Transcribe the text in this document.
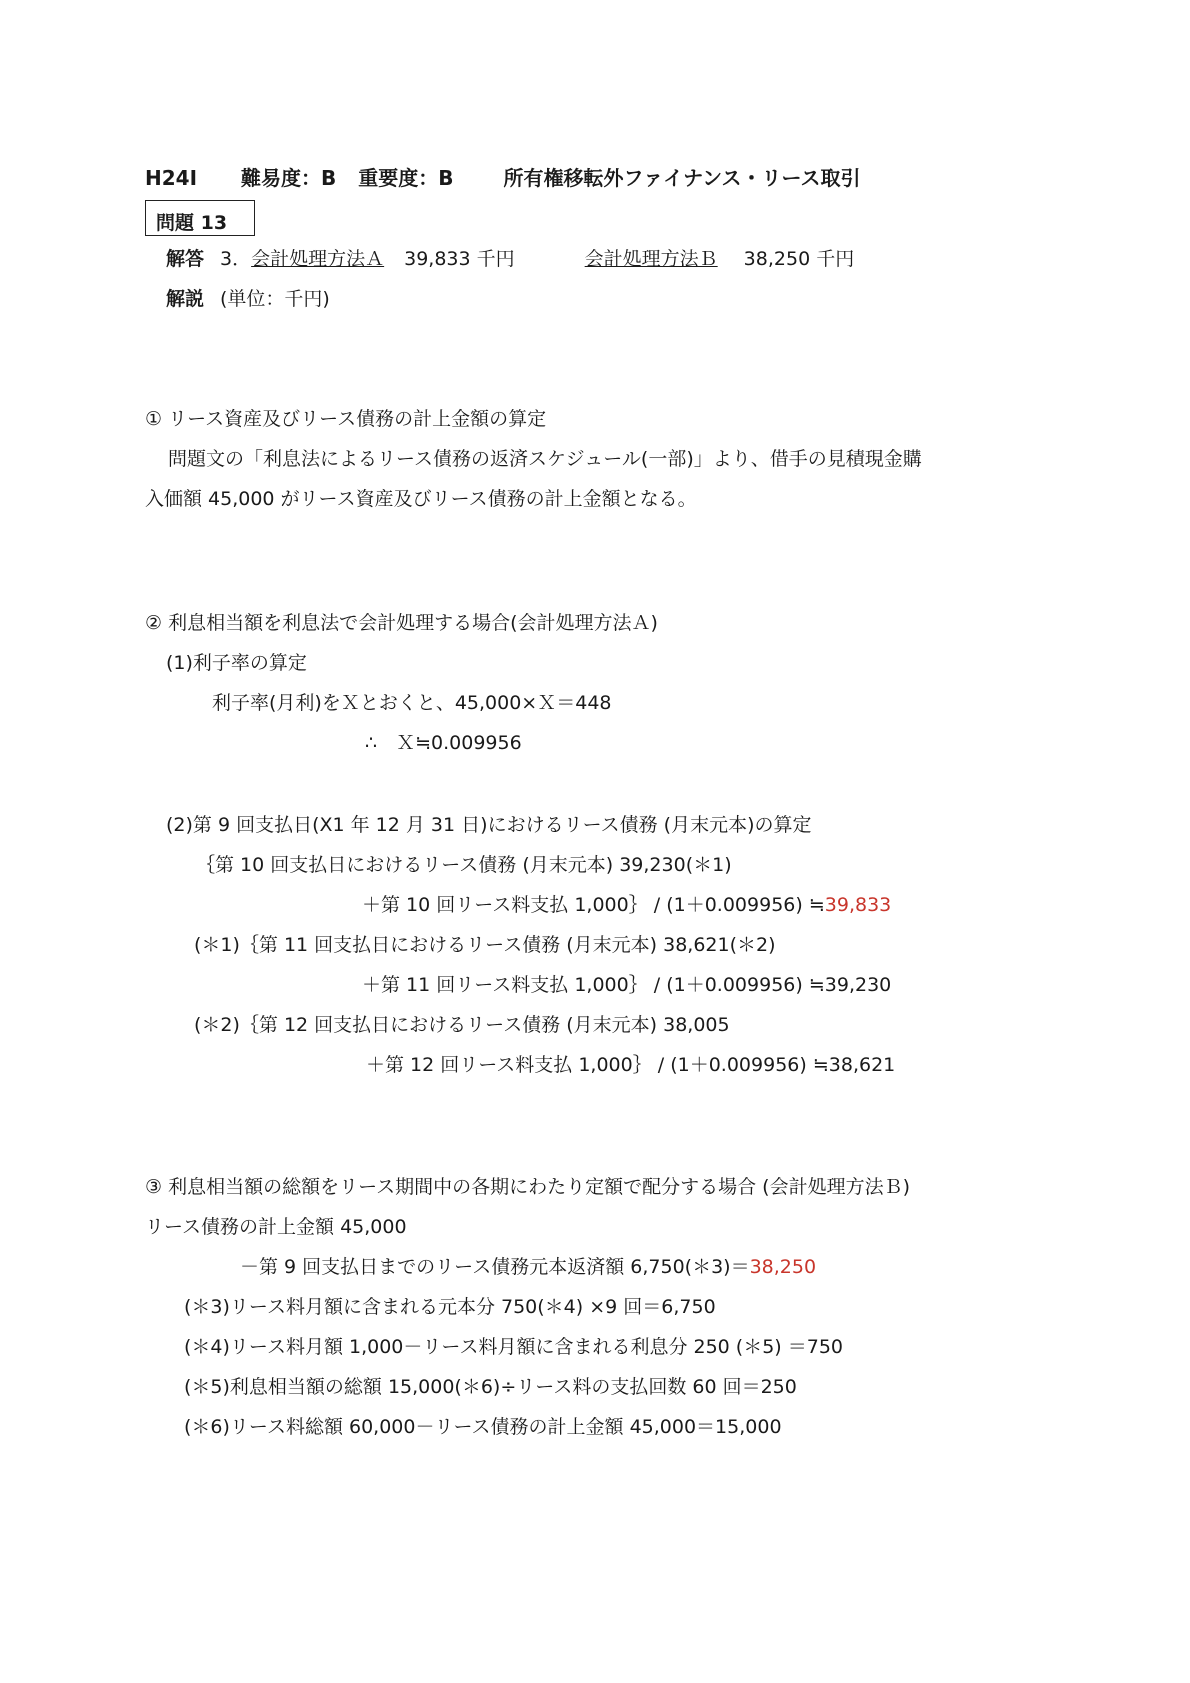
H24Ⅰ 難易度：B 重要度：B	所有権移転外ファイナンス・リース取引
問題 13
解答 3．会計処理方法Ａ 39,833 千円	会計処理方法Ｂ 38,250 千円
解説 (単位：千円)
① リース資産及びリース債務の計上金額の算定
問題文の「利息法によるリース債務の返済スケジュール(一部)」より、借手の見積現金購
入価額 45,000 がリース資産及びリース債務の計上金額となる。
② 利息相当額を利息法で会計処理する場合(会計処理方法Ａ)
(1)利子率の算定
利子率(月利)をＸとおくと、45,000×Ｘ＝448
∴　Ｘ≒0.009956
(2)第 9 回支払日(X1 年 12 月 31 日)におけるリース債務 (月末元本)の算定
｛第 10 回支払日におけるリース債務 (月末元本) 39,230(＊1)
＋第 10 回リース料支払 1,000｝ / (1＋0.009956) ≒39,833
(＊1)｛第 11 回支払日におけるリース債務 (月末元本) 38,621(＊2)
＋第 11 回リース料支払 1,000｝ / (1＋0.009956) ≒39,230
(＊2)｛第 12 回支払日におけるリース債務 (月末元本) 38,005
＋第 12 回リース料支払 1,000｝ / (1＋0.009956) ≒38,621
③ 利息相当額の総額をリース期間中の各期にわたり定額で配分する場合 (会計処理方法Ｂ)
リース債務の計上金額 45,000
－第 9 回支払日までのリース債務元本返済額 6,750(＊3)＝38,250
(＊3)リース料月額に含まれる元本分 750(＊4) ×9 回＝6,750
(＊4)リース料月額 1,000－リース料月額に含まれる利息分 250 (＊5) ＝750
(＊5)利息相当額の総額 15,000(＊6)÷リース料の支払回数 60 回＝250
(＊6)リース料総額 60,000－リース債務の計上金額 45,000＝15,000
